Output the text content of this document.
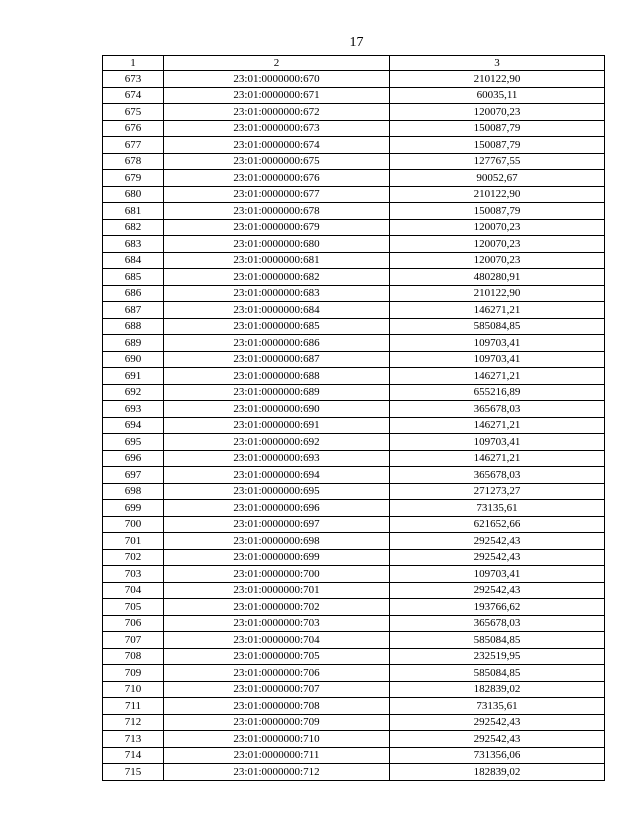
17
1	2	3
673	23:01:0000000:670	210122,90
674	23:01:0000000:671	60035,11
675	23:01:0000000:672	120070,23
676	23:01:0000000:673	150087,79
677	23:01:0000000:674	150087,79
678	23:01:0000000:675	127767,55
679	23:01:0000000:676	90052,67
680	23:01:0000000:677	210122,90
681	23:01:0000000:678	150087,79
682	23:01:0000000:679	120070,23
683	23:01:0000000:680	120070,23
684	23:01:0000000:681	120070,23
685	23:01:0000000:682	480280,91
686	23:01:0000000:683	210122,90
687	23:01:0000000:684	146271,21
688	23:01:0000000:685	585084,85
689	23:01:0000000:686	109703,41
690	23:01:0000000:687	109703,41
691	23:01:0000000:688	146271,21
692	23:01:0000000:689	655216,89
693	23:01:0000000:690	365678,03
694	23:01:0000000:691	146271,21
695	23:01:0000000:692	109703,41
696	23:01:0000000:693	146271,21
697	23:01:0000000:694	365678,03
698	23:01:0000000:695	271273,27
699	23:01:0000000:696	73135,61
700	23:01:0000000:697	621652,66
701	23:01:0000000:698	292542,43
702	23:01:0000000:699	292542,43
703	23:01:0000000:700	109703,41
704	23:01:0000000:701	292542,43
705	23:01:0000000:702	193766,62
706	23:01:0000000:703	365678,03
707	23:01:0000000:704	585084,85
708	23:01:0000000:705	232519,95
709	23:01:0000000:706	585084,85
710	23:01:0000000:707	182839,02
711	23:01:0000000:708	73135,61
712	23:01:0000000:709	292542,43
713	23:01:0000000:710	292542,43
714	23:01:0000000:711	731356,06
715	23:01:0000000:712	182839,02
